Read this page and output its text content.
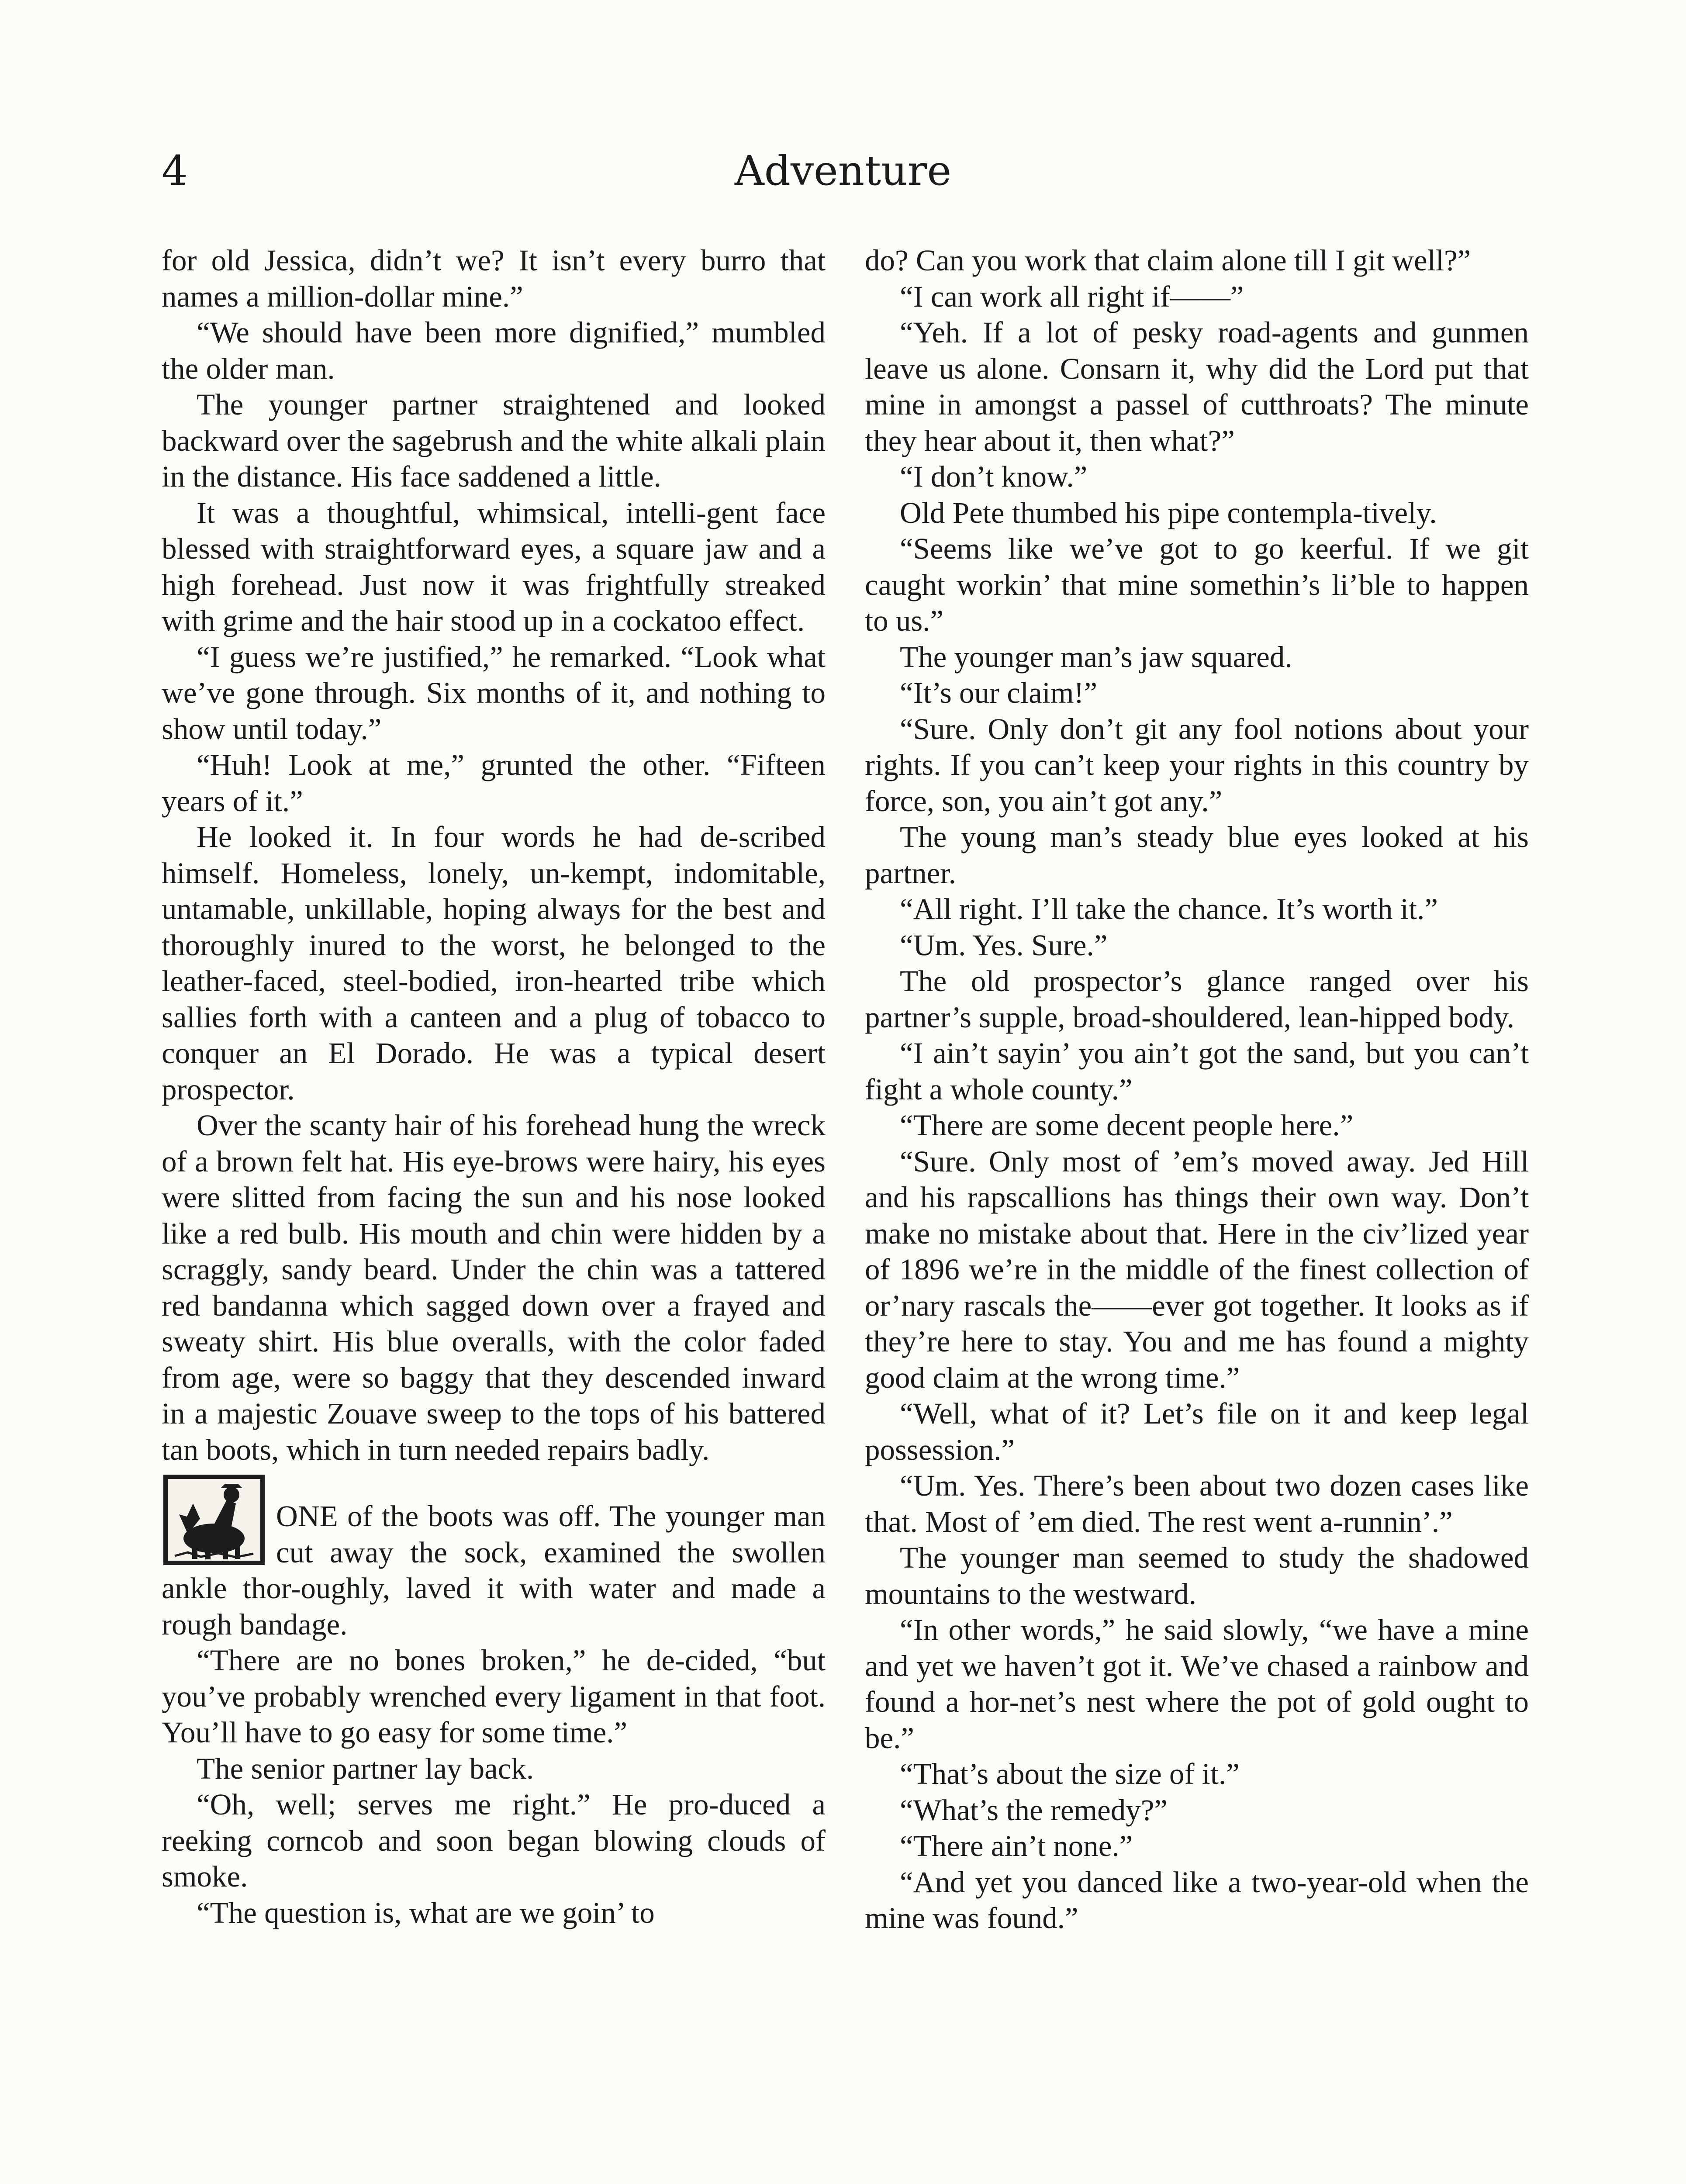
4	Adventure

for old Jessica, didn’t we? It isn’t every burro that names a million-dollar mine.”

“We should have been more dignified,” mumbled the older man.

The younger partner straightened and looked backward over the sagebrush and the white alkali plain in the distance. His face saddened a little.

It was a thoughtful, whimsical, intelli-gent face blessed with straightforward eyes, a square jaw and a high forehead. Just now it was frightfully streaked with grime and the hair stood up in a cockatoo effect.

“I guess we’re justified,” he remarked. “Look what we’ve gone through. Six months of it, and nothing to show until today.”

“Huh! Look at me,” grunted the other. “Fifteen years of it.”

He looked it. In four words he had de-scribed himself. Homeless, lonely, un-kempt, indomitable, untamable, unkillable, hoping always for the best and thoroughly inured to the worst, he belonged to the leather-faced, steel-bodied, iron-hearted tribe which sallies forth with a canteen and a plug of tobacco to conquer an El Dorado. He was a typical desert prospector.

Over the scanty hair of his forehead hung the wreck of a brown felt hat. His eye-brows were hairy, his eyes were slitted from facing the sun and his nose looked like a red bulb. His mouth and chin were hidden by a scraggly, sandy beard. Under the chin was a tattered red bandanna which sagged down over a frayed and sweaty shirt. His blue overalls, with the color faded from age, were so baggy that they descended inward in a majestic Zouave sweep to the tops of his battered tan boots, which in turn needed repairs badly.

ONE of the boots was off. The younger man cut away the sock, examined the swollen ankle thor-oughly, laved it with water and made a rough bandage.

“There are no bones broken,” he de-cided, “but you’ve probably wrenched every ligament in that foot. You’ll have to go easy for some time.”

The senior partner lay back.

“Oh, well; serves me right.” He pro-duced a reeking corncob and soon began blowing clouds of smoke.

“The question is, what are we goin’ to

do? Can you work that claim alone till I git well?”

“I can work all right if——”

“Yeh. If a lot of pesky road-agents and gunmen leave us alone. Consarn it, why did the Lord put that mine in amongst a passel of cutthroats? The minute they hear about it, then what?”

“I don’t know.”

Old Pete thumbed his pipe contempla-tively.

“Seems like we’ve got to go keerful. If we git caught workin’ that mine somethin’s li’ble to happen to us.”

The younger man’s jaw squared.

“It’s our claim!”

“Sure. Only don’t git any fool notions about your rights. If you can’t keep your rights in this country by force, son, you ain’t got any.”

The young man’s steady blue eyes looked at his partner.

“All right. I’ll take the chance. It’s worth it.”

“Um. Yes. Sure.”

The old prospector’s glance ranged over his partner’s supple, broad-shouldered, lean-hipped body.

“I ain’t sayin’ you ain’t got the sand, but you can’t fight a whole county.”

“There are some decent people here.”

“Sure. Only most of ’em’s moved away. Jed Hill and his rapscallions has things their own way. Don’t make no mistake about that. Here in the civ’lized year of 1896 we’re in the middle of the finest collection of or’nary rascals the——ever got together. It looks as if they’re here to stay. You and me has found a mighty good claim at the wrong time.”

“Well, what of it? Let’s file on it and keep legal possession.”

“Um. Yes. There’s been about two dozen cases like that. Most of ’em died. The rest went a-runnin’.”

The younger man seemed to study the shadowed mountains to the westward.

“In other words,” he said slowly, “we have a mine and yet we haven’t got it. We’ve chased a rainbow and found a hor-net’s nest where the pot of gold ought to be.”

“That’s about the size of it.”

“What’s the remedy?”

“There ain’t none.”

“And yet you danced like a two-year-old when the mine was found.”
